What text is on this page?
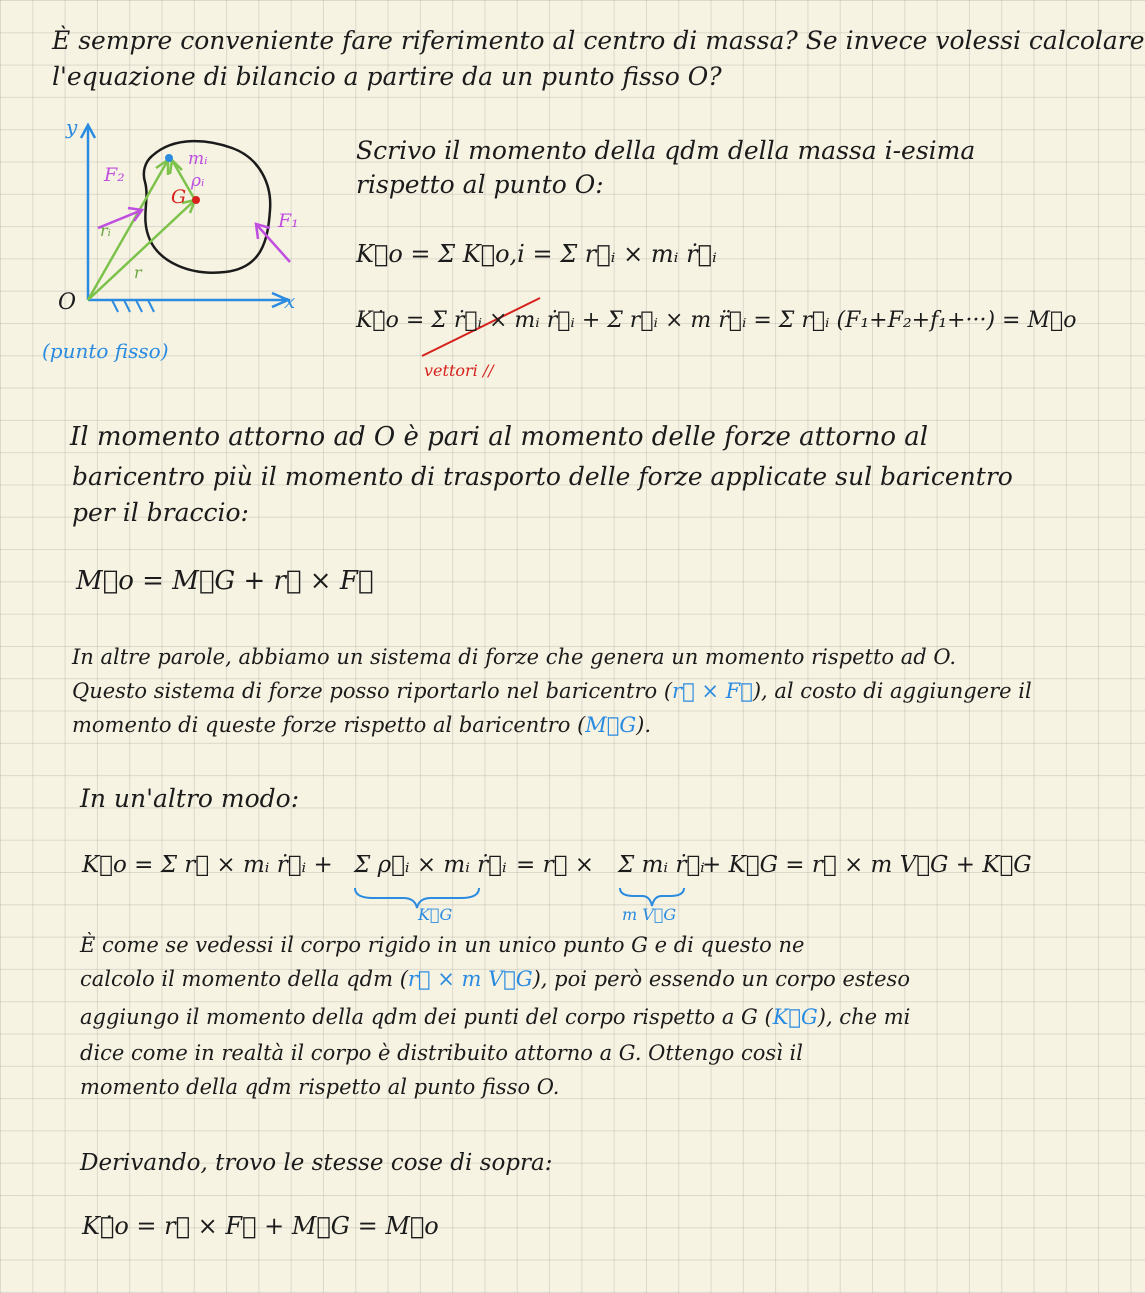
È sempre conveniente fare riferimento al centro di massa? Se invece volessi calcolare
l'equazione di bilancio a partire da un punto fisso O?
y
x
O
(punto fisso)
F₂
F₁
mᵢ
ρᵢ
G
rᵢ
r
Scrivo il momento della qdm della massa i-esima
rispetto al punto O:
K⃗o = Σ K⃗o,i = Σ r⃗ᵢ × mᵢ ṙ⃗ᵢ
K⃗̇o = Σ ṙ⃗ᵢ × mᵢ ṙ⃗ᵢ + Σ r⃗ᵢ × m r̈⃗ᵢ = Σ r⃗ᵢ (F₁+F₂+f₁+···) = M⃗o
vettori //
Il momento attorno ad O è pari al momento delle forze attorno al
baricentro più il momento di trasporto delle forze applicate sul baricentro
per il braccio:
M⃗o = M⃗G + r⃗ × F⃗
In altre parole, abbiamo un sistema di forze che genera un momento rispetto ad O.
Questo sistema di forze posso riportarlo nel baricentro (r⃗ × F⃗), al costo di aggiungere il
momento di queste forze rispetto al baricentro (M⃗G).
In un'altro modo:
K⃗o = Σ r⃗ × mᵢ ṙ⃗ᵢ + Σ ρ⃗ᵢ × mᵢ ṙ⃗ᵢ = r⃗ × Σ mᵢ ṙ⃗ᵢ
+ K⃗G = r⃗ × m V⃗G + K⃗G
K⃗G	m V⃗G
È come se vedessi il corpo rigido in un unico punto G e di questo ne
calcolo il momento della qdm (r⃗ × m V⃗G), poi però essendo un corpo esteso
aggiungo il momento della qdm dei punti del corpo rispetto a G (K⃗G), che mi
dice come in realtà il corpo è distribuito attorno a G. Ottengo così il
momento della qdm rispetto al punto fisso O.
Derivando, trovo le stesse cose di sopra:
K⃗̇o = r⃗ × F⃗ + M⃗G = M⃗o
